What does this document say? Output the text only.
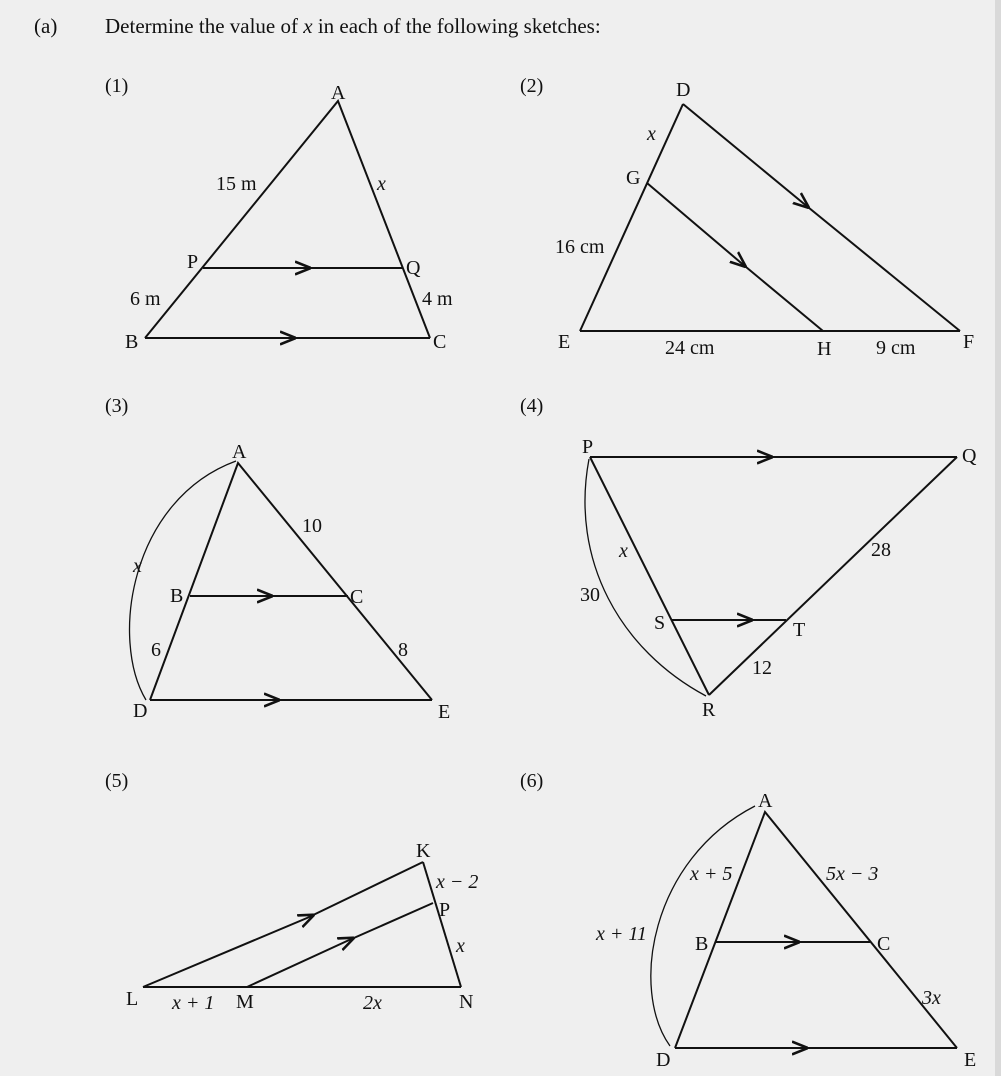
(a) Determine the value of x in each of the following sketches:
(1)	A
P	Q
B	C
15 m	x
6 m	4 m
(2)	D
G
E	H	F
x
16 cm
24 cm	9 cm
(3)
A
B	C
D	E
10
x
6	8
(4)
P	Q
S	T
R
x	28
30
12
(5)
K
P
L	M	N
x − 2
x
x + 1	2x
(6)
A
B	C
D	E
x + 5	5x − 3
x + 11
3x
